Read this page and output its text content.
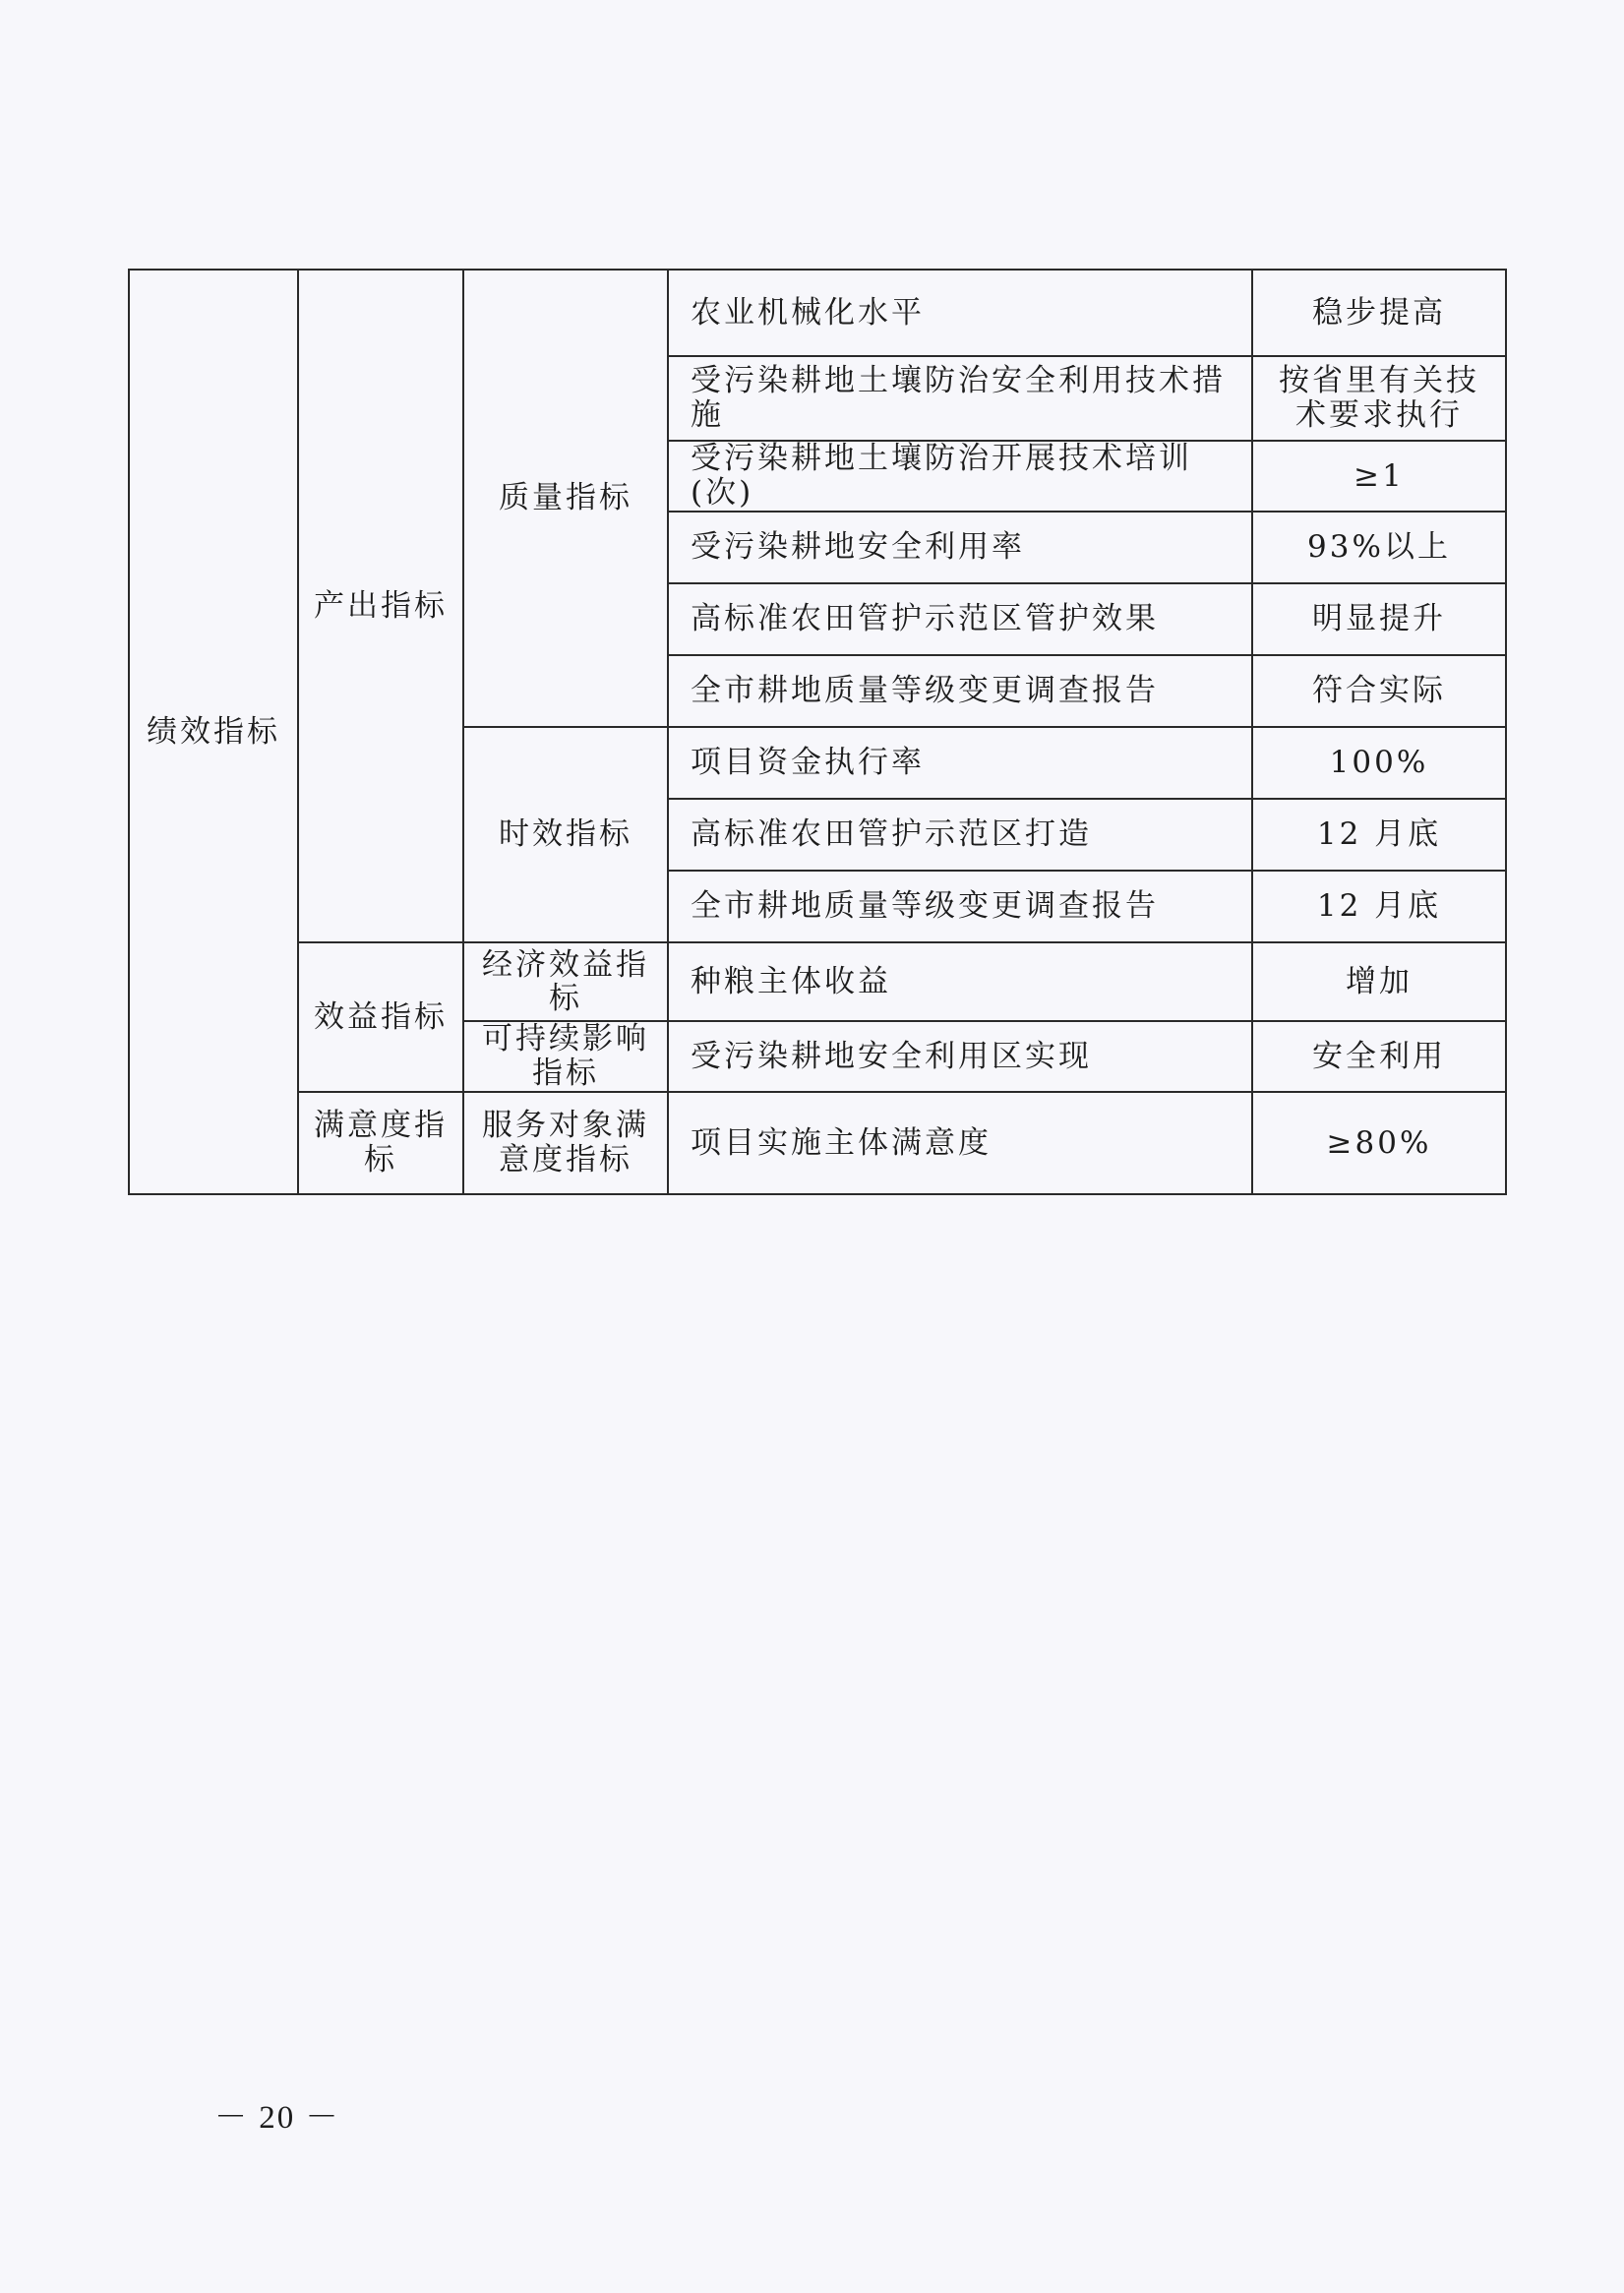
绩效指标	产出指标	质量指标	农业机械化水平	稳步提高
			受污染耕地土壤防治安全利用技术措施	按省里有关技术要求执行
			受污染耕地土壤防治开展技术培训(次)	≥1
			受污染耕地安全利用率	93%以上
			高标准农田管护示范区管护效果	明显提升
			全市耕地质量等级变更调查报告	符合实际
		时效指标	项目资金执行率	100%
			高标准农田管护示范区打造	12 月底
			全市耕地质量等级变更调查报告	12 月底
	效益指标	经济效益指标	种粮主体收益	增加
		可持续影响指标	受污染耕地安全利用区实现	安全利用
	满意度指标	服务对象满意度指标	项目实施主体满意度	≥80%
－ 20 －
